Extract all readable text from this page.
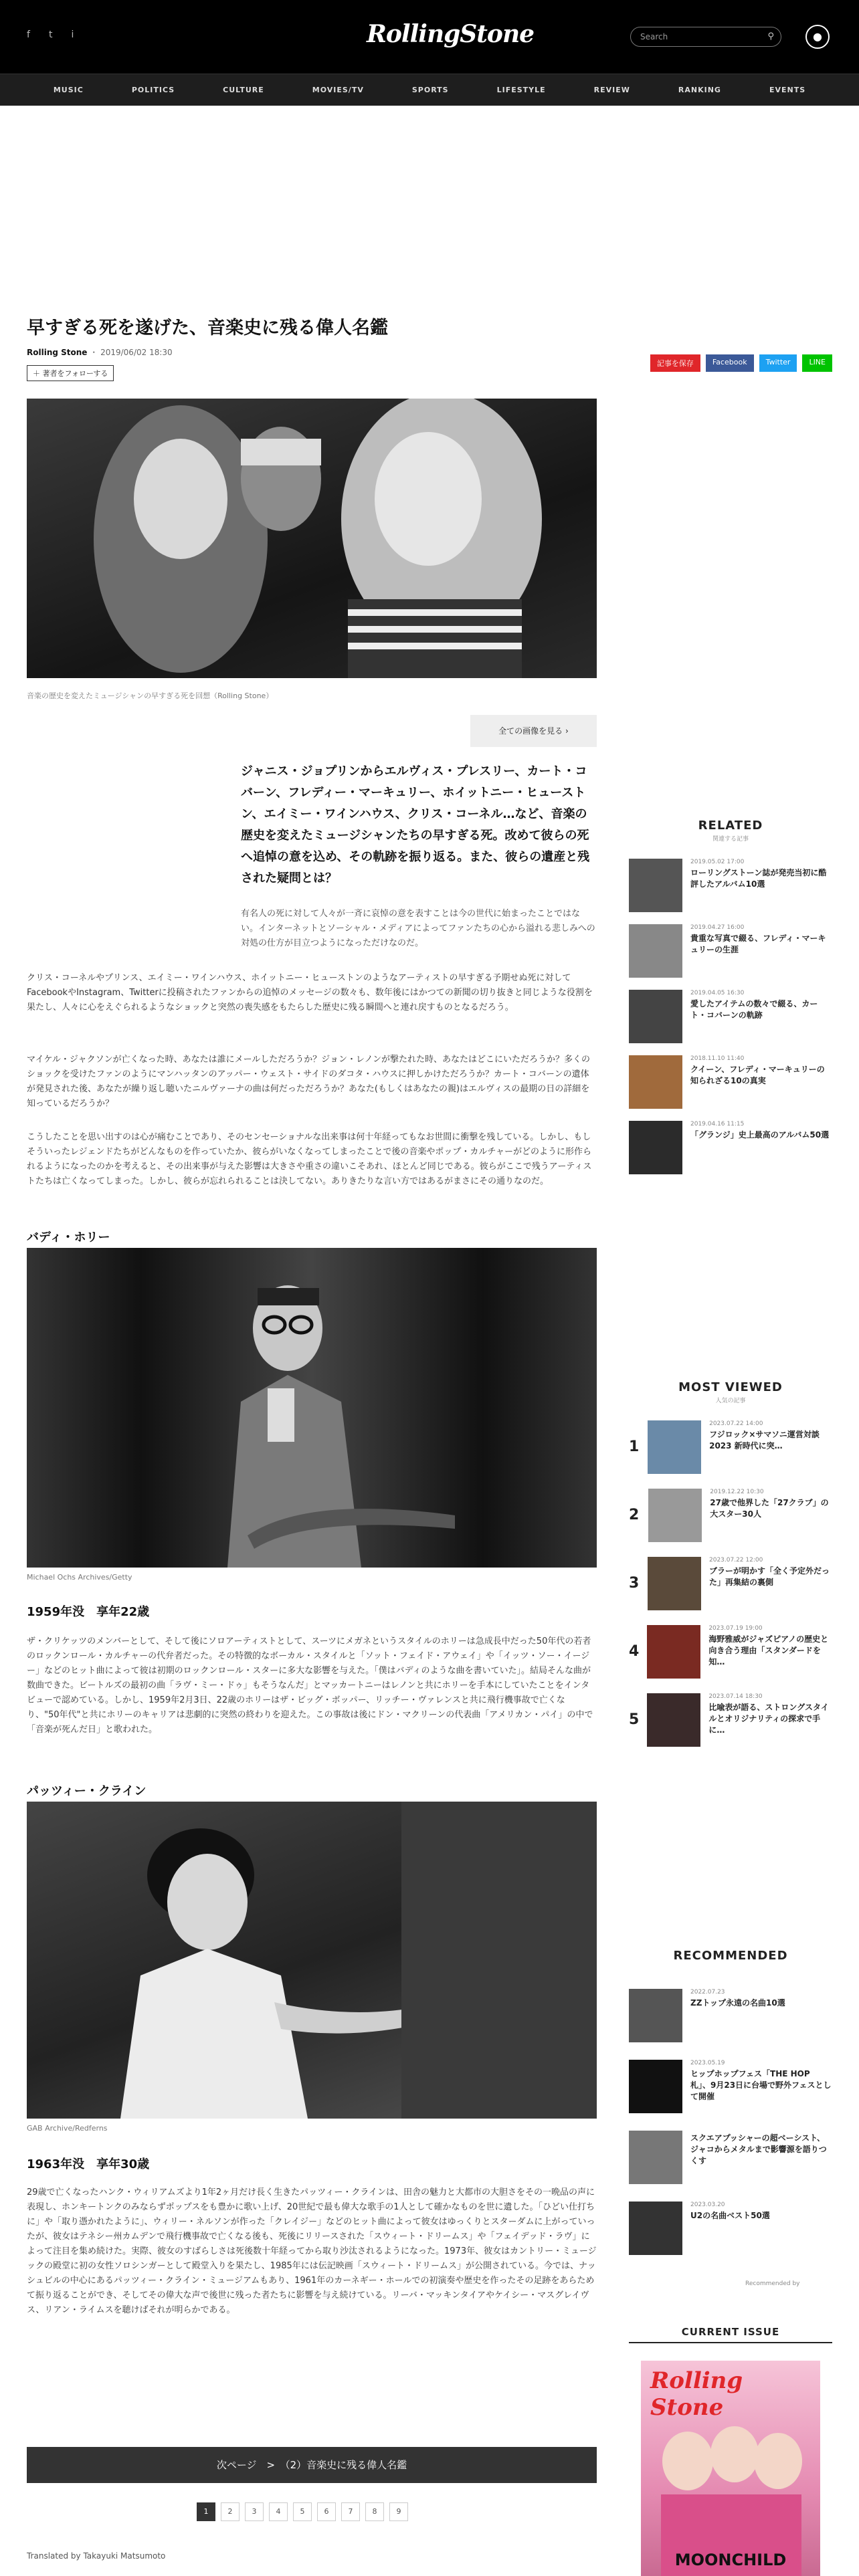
f t i	RollingStone	Search	⚲	●
MUSIC	POLITICS	CULTURE	MOVIES/TV	SPORTS	LIFESTYLE	REVIEW	RANKING	EVENTS
早すぎる死を遂げた、音楽史に残る偉人名鑑
Rolling Stone ・ 2019/06/02 18:30
＋ 著者をフォローする
記事を保存	Facebook	Twitter	LINE
音楽の歴史を変えたミュージシャンの早すぎる死を回想（Rolling Stone）
全ての画像を見る ›
ジャニス・ジョプリンからエルヴィス・プレスリー、カート・コバーン、フレディー・マーキュリー、ホイットニー・ヒューストン、エイミー・ワインハウス、クリス・コーネル…など、音楽の歴史を変えたミュージシャンたちの早すぎる死。改めて彼らの死へ追悼の意を込め、その軌跡を振り返る。また、彼らの遺産と残された疑問とは？
有名人の死に対して人々が一斉に哀悼の意を表すことは今の世代に始まったことではない。インターネットとソーシャル・メディアによってファンたちの心から溢れる悲しみへの対処の仕方が目立つようになっただけなのだ。
クリス・コーネルやプリンス、エイミー・ワインハウス、ホイットニー・ヒューストンのようなアーティストの早すぎる予期せぬ死に対してFacebookやInstagram、Twitterに投稿されたファンからの追悼のメッセージの数々も、数年後にはかつての新聞の切り抜きと同じような役割を果たし、人々に心をえぐられるようなショックと突然の喪失感をもたらした歴史に残る瞬間へと連れ戻すものとなるだろう。
マイケル・ジャクソンが亡くなった時、あなたは誰にメールしただろうか？ジョン・レノンが撃たれた時、あなたはどこにいただろうか？多くのショックを受けたファンのようにマンハッタンのアッパー・ウェスト・サイドのダコタ・ハウスに押しかけただろうか？カート・コバーンの遺体が発見された後、あなたが繰り返し聴いたニルヴァーナの曲は何だっただろうか？あなた(もしくはあなたの親)はエルヴィスの最期の日の詳細を知っているだろうか？
こうしたことを思い出すのは心が痛むことであり、そのセンセーショナルな出来事は何十年経ってもなお世間に衝撃を残している。しかし、もしそういったレジェンドたちがどんなものを作っていたか、彼らがいなくなってしまったことで後の音楽やポップ・カルチャーがどのように形作られるようになったのかを考えると、その出来事が与えた影響は大きさや重さの違いこそあれ、ほとんど同じである。彼らがここで残うアーティストたちは亡くなってしまった。しかし、彼らが忘れられることは決してない。ありきたりな言い方ではあるがまさにその通りなのだ。
バディ・ホリー
Michael Ochs Archives/Getty
1959年没　享年22歳
ザ・クリケッツのメンバーとして、そして後にソロアーティストとして、スーツにメガネというスタイルのホリーは急成長中だった50年代の若者のロックンロール・カルチャーの代弁者だった。その特徴的なボーカル・スタイルと「ソット・フェイド・アウェイ」や「イッツ・ソー・イージー」などのヒット曲によって彼は初期のロックンロール・スターに多大な影響を与えた。「僕はバディのような曲を書いていた」。結局そんな曲が数曲できた。ビートルズの最初の曲「ラヴ・ミー・ドゥ」もそうなんだ」とマッカートニーはレノンと共にホリーを手本にしていたことをインタビューで認めている。しかし、1959年2月3日、22歳のホリーはザ・ビッグ・ボッパー、リッチー・ヴァレンスと共に飛行機事故で亡くなり、"50年代"と共にホリーのキャリアは悲劇的に突然の終わりを迎えた。この事故は後にドン・マクリーンの代表曲「アメリカン・パイ」の中で「音楽が死んだ日」と歌われた。
パッツィー・クライン
GAB Archive/Redferns
1963年没　享年30歳
29歳で亡くなったハンク・ウィリアムズより1年2ヶ月だけ長く生きたパッツィー・クラインは、田舎の魅力と大都市の大胆さをその一晩品の声に表現し、ホンキートンクのみならずポップスをも豊かに歌い上げ、20世紀で最も偉大な歌手の1人として確かなものを世に遺した。「ひどい仕打ちに」や「取り憑かれたように」、ウィリー・ネルソンが作った「クレイジー」などのヒット曲によって彼女はゆっくりとスターダムに上がっていったが、彼女はテネシー州カムデンで飛行機事故で亡くなる後も、死後にリリースされた「スウィート・ドリームス」や「フェイデッド・ラヴ」によって注目を集め続けた。実際、彼女のすばらしさは死後数十年経ってから取り沙汰されるようになった。1973年、彼女はカントリー・ミュージックの殿堂に初の女性ソロシンガーとして殿堂入りを果たし、1985年には伝記映画「スウィート・ドリームス」が公開されている。今では、ナッシュビルの中心にあるパッツィー・クライン・ミュージアムもあり、1961年のカーネギー・ホールでの初演奏や歴史を作ったその足跡をあらためて振り返ることができ、そしてその偉大な声で後世に残った者たちに影響を与え続けている。リーバ・マッキンタイアやケイシー・マスグレイヴス、リアン・ライムスを聴けばそれが明らかである。
次ページ　>　（2）音楽史に残る偉人名鑑
1	2	3	4	5	6	7	8	9
Translated by Takayuki Matsumoto
RELATED
関連する記事
2019.05.02 17:00
ローリングストーン誌が発売当初に酷評したアルバム10選
2019.04.27 16:00
貴重な写真で綴る、フレディ・マーキュリーの生涯
2019.04.05 16:30
愛したアイテムの数々で綴る、カート・コバーンの軌跡
2018.11.10 11:40
クイーン、フレディ・マーキュリーの知られざる10の真実
2019.04.16 11:15
「グランジ」史上最高のアルバム50選
MOST VIEWED
人気の記事
1
2023.07.22 14:00
フジロック×サマソニ運営対談2023 新時代に突…
2
2019.12.22 10:30
27歳で他界した「27クラブ」の大スター30人
3
2023.07.22 12:00
ブラーが明かす「全く予定外だった」再集結の裏側
4
2023.07.19 19:00
海野雅威がジャズピアノの歴史と向き合う理由「スタンダードを知…
5
2023.07.14 18:30
比喩表が語る、ストロングスタイルとオリジナリティの探求で手に…
RECOMMENDED
2022.07.23
ZZトップ永遠の名曲10選
2023.05.19
ヒップホップフェス「THE HOP 札」、9月23日に台場で野外フェスとして開催
スクエアプッシャーの超ベーシスト、ジャコからメタルまで影響源を語りつくす
2023.03.20
U2の名曲ベスト50選
Recommended by
CURRENT ISSUE
Rolling Stone
MOONCHILD
